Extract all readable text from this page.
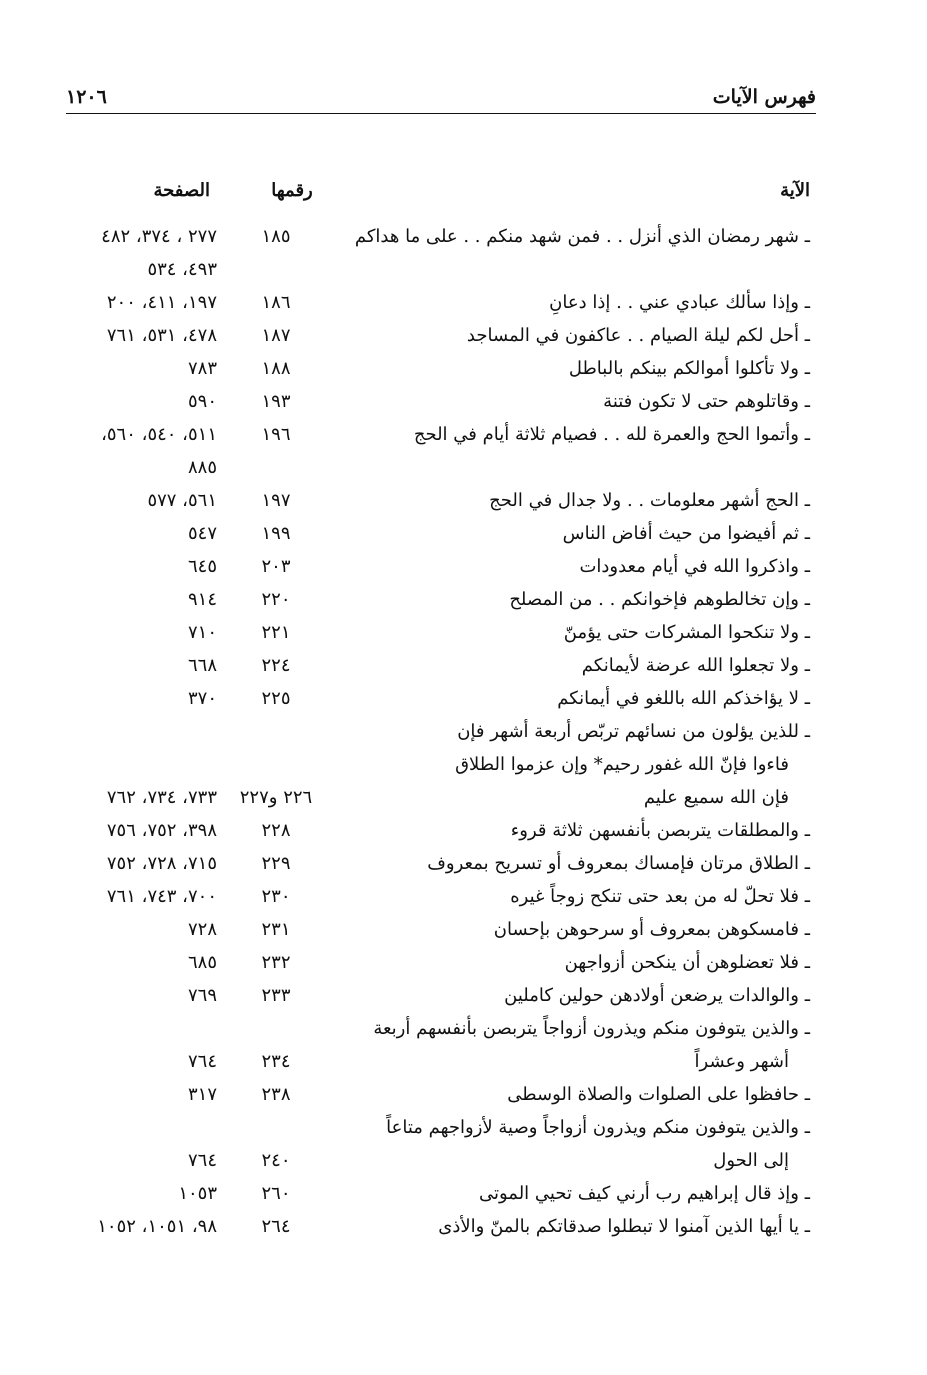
فهرس الآيات
١٢٠٦
الآية
رقمها
الصفحة
ـ شهر رمضان الذي أنزل . . فمن شهد منكم . . على ما هداكم
١٨٥
٢٧٧ ، ٣٧٤، ٤٨٢
٤٩٣، ٥٣٤
ـ وإذا سألك عبادي عني . . إذا دعانِ
١٨٦
١٩٧، ٤١١، ٢٠٠
ـ أحل لكم ليلة الصيام . . عاكفون في المساجد
١٨٧
٤٧٨، ٥٣١، ٧٦١
ـ ولا تأكلوا أموالكم بينكم بالباطل
١٨٨
٧٨٣
ـ وقاتلوهم حتى لا تكون فتنة
١٩٣
٥٩٠
ـ وأتموا الحج والعمرة لله . . فصيام ثلاثة أيام في الحج
١٩٦
٥١١، ٥٤٠، ٥٦٠،
٨٨٥
ـ الحج أشهر معلومات . . ولا جدال في الحج
١٩٧
٥٦١، ٥٧٧
ـ ثم أفيضوا من حيث أفاض الناس
١٩٩
٥٤٧
ـ واذكروا الله في أيام معدودات
٢٠٣
٦٤٥
ـ وإن تخالطوهم فإخوانكم . . من المصلح
٢٢٠
٩١٤
ـ ولا تنكحوا المشركات حتى يؤمنّ
٢٢١
٧١٠
ـ ولا تجعلوا الله عرضة لأيمانكم
٢٢٤
٦٦٨
ـ لا يؤاخذكم الله باللغو في أيمانكم
٢٢٥
٣٧٠
ـ للذين يؤلون من نسائهم تربّص أربعة أشهر فإن
فاءوا فإنّ الله غفور رحيم* وإن عزموا الطلاق
فإن الله سميع عليم
٢٢٦ و٢٢٧
٧٣٣، ٧٣٤، ٧٦٢
ـ والمطلقات يتربصن بأنفسهن ثلاثة قروء
٢٢٨
٣٩٨، ٧٥٢، ٧٥٦
ـ الطلاق مرتان فإمساك بمعروف أو تسريح بمعروف
٢٢٩
٧١٥، ٧٢٨، ٧٥٢
ـ فلا تحلّ له من بعد حتى تنكح زوجاً غيره
٢٣٠
٧٠٠، ٧٤٣، ٧٦١
ـ فامسكوهن بمعروف أو سرحوهن بإحسان
٢٣١
٧٢٨
ـ فلا تعضلوهن أن ينكحن أزواجهن
٢٣٢
٦٨٥
ـ والوالدات يرضعن أولادهن حولين كاملين
٢٣٣
٧٦٩
ـ والذين يتوفون منكم ويذرون أزواجاً يتربصن بأنفسهم أربعة
أشهر وعشراً
٢٣٤
٧٦٤
ـ حافظوا على الصلوات والصلاة الوسطى
٢٣٨
٣١٧
ـ والذين يتوفون منكم ويذرون أزواجاً وصية لأزواجهم متاعاً
إلى الحول
٢٤٠
٧٦٤
ـ وإذ قال إبراهيم رب أرني كيف تحيي الموتى
٢٦٠
١٠٥٣
ـ يا أيها الذين آمنوا لا تبطلوا صدقاتكم بالمنّ والأذى
٢٦٤
٩٨، ١٠٥١، ١٠٥٢
